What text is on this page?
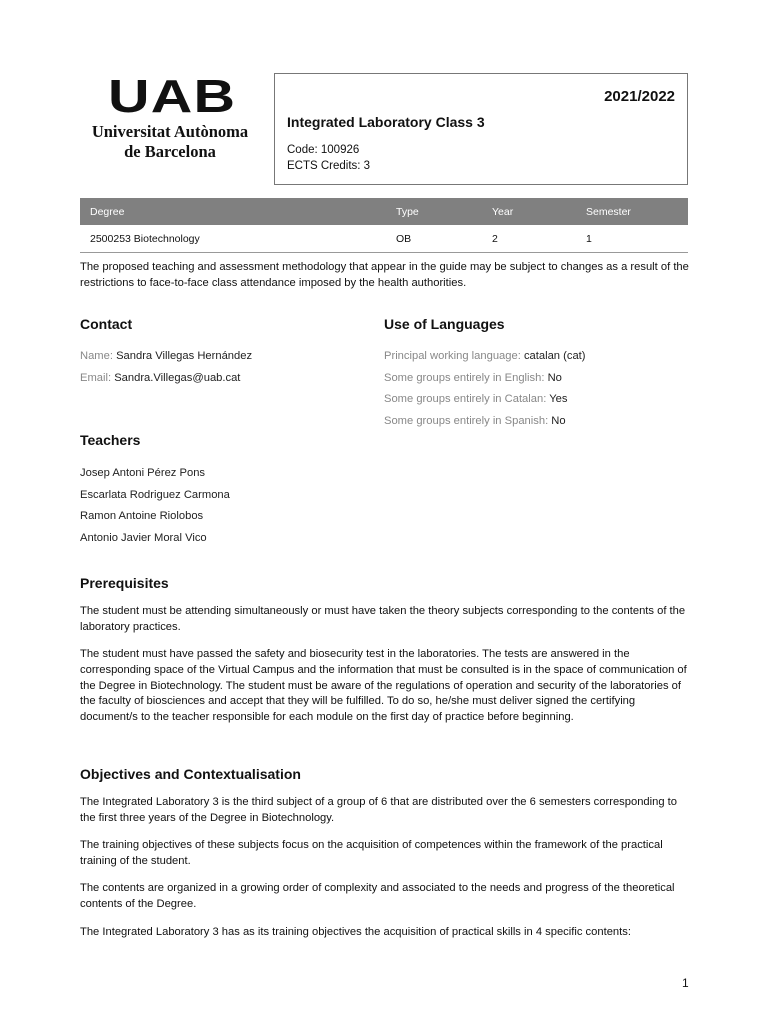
UAB
Universitat Autònoma
de Barcelona
2021/2022
Integrated Laboratory Class 3
Code: 100926
ECTS Credits: 3
Degree	Type	Year	Semester
2500253 Biotechnology	OB	2	1
The proposed teaching and assessment methodology that appear in the guide may be subject to changes as a result of the restrictions to face-to-face class attendance imposed by the health authorities.
Contact
Name: Sandra Villegas Hernández
Email: Sandra.Villegas@uab.cat
Use of Languages
Principal working language: catalan (cat)
Some groups entirely in English: No
Some groups entirely in Catalan: Yes
Some groups entirely in Spanish: No
Teachers
Josep Antoni Pérez Pons
Escarlata Rodriguez Carmona
Ramon Antoine Riolobos
Antonio Javier Moral Vico
Prerequisites

The student must be attending simultaneously or must have taken the theory subjects corresponding to the contents of the laboratory practices.

The student must have passed the safety and biosecurity test in the laboratories. The tests are answered in the corresponding space of the Virtual Campus and the information that must be consulted is in the space of communication of the Degree in Biotechnology. The student must be aware of the regulations of operation and security of the laboratories of the faculty of biosciences and accept that they will be fulfilled. To do so, he/she must deliver signed the certifying document/s to the teacher responsible for each module on the first day of practice before beginning.

Objectives and Contextualisation

The Integrated Laboratory 3 is the third subject of a group of 6 that are distributed over the 6 semesters corresponding to the first three years of the Degree in Biotechnology.

The training objectives of these subjects focus on the acquisition of competences within the framework of the practical training of the student.

The contents are organized in a growing order of complexity and associated to the needs and progress of the theoretical contents of the Degree.

The Integrated Laboratory 3 has as its training objectives the acquisition of practical skills in 4 specific contents:

1
